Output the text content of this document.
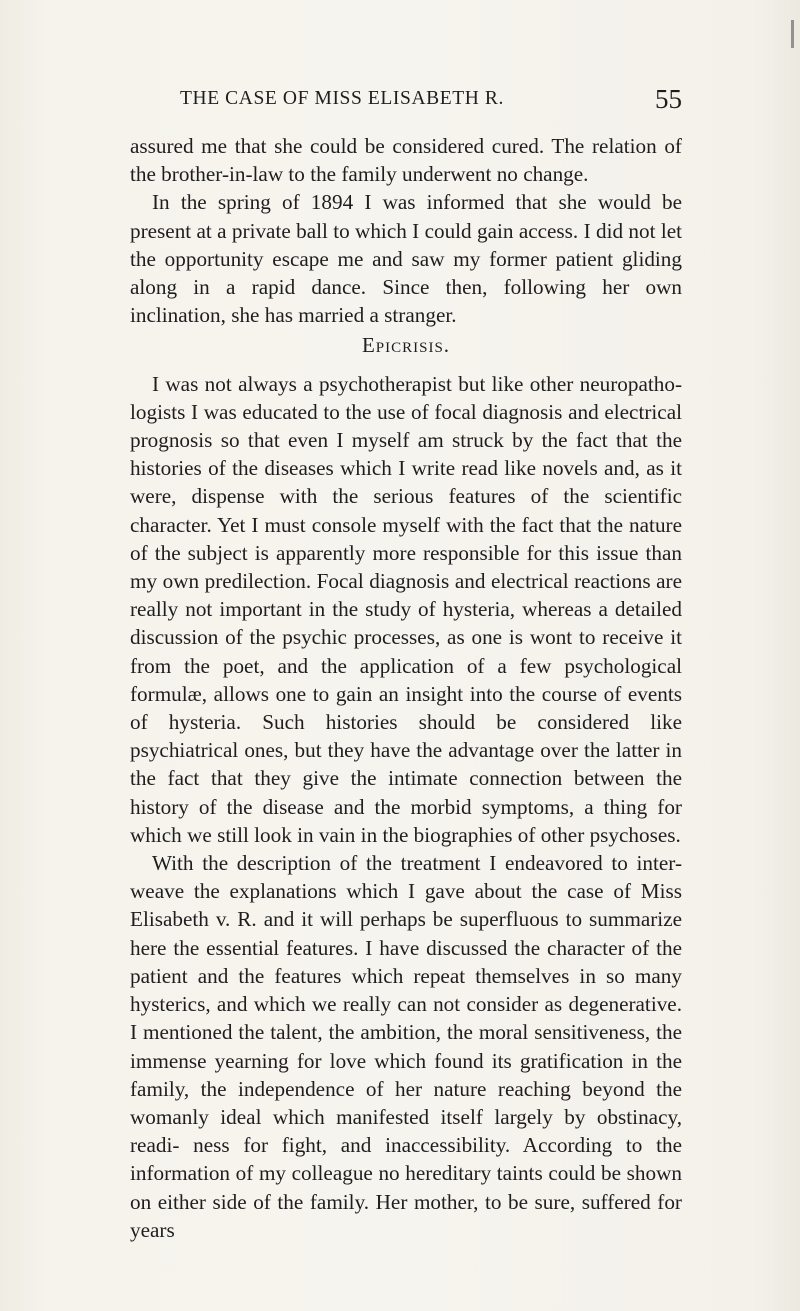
THE CASE OF MISS ELISABETH R.	55

assured me that she could be considered cured. The relation of the brother-in-law to the family underwent no change.

In the spring of 1894 I was informed that she would be present at a private ball to which I could gain access. I did not let the opportunity escape me and saw my former patient gliding along in a rapid dance. Since then, following her own inclination, she has married a stranger.

Epicrisis.

I was not always a psychotherapist but like other neuropatho- logists I was educated to the use of focal diagnosis and electrical prognosis so that even I myself am struck by the fact that the histories of the diseases which I write read like novels and, as it were, dispense with the serious features of the scientific character. Yet I must console myself with the fact that the nature of the subject is apparently more responsible for this issue than my own predilection. Focal diagnosis and electrical reactions are really not important in the study of hysteria, whereas a detailed discussion of the psychic processes, as one is wont to receive it from the poet, and the application of a few psychological formulæ, allows one to gain an insight into the course of events of hysteria. Such histories should be considered like psychiatrical ones, but they have the advantage over the latter in the fact that they give the intimate connection between the history of the disease and the morbid symptoms, a thing for which we still look in vain in the biographies of other psychoses.

With the description of the treatment I endeavored to inter- weave the explanations which I gave about the case of Miss Elisabeth v. R. and it will perhaps be superfluous to summarize here the essential features. I have discussed the character of the patient and the features which repeat themselves in so many hysterics, and which we really can not consider as degenerative. I mentioned the talent, the ambition, the moral sensitiveness, the immense yearning for love which found its gratification in the family, the independence of her nature reaching beyond the womanly ideal which manifested itself largely by obstinacy, readi- ness for fight, and inaccessibility. According to the information of my colleague no hereditary taints could be shown on either side of the family. Her mother, to be sure, suffered for years
